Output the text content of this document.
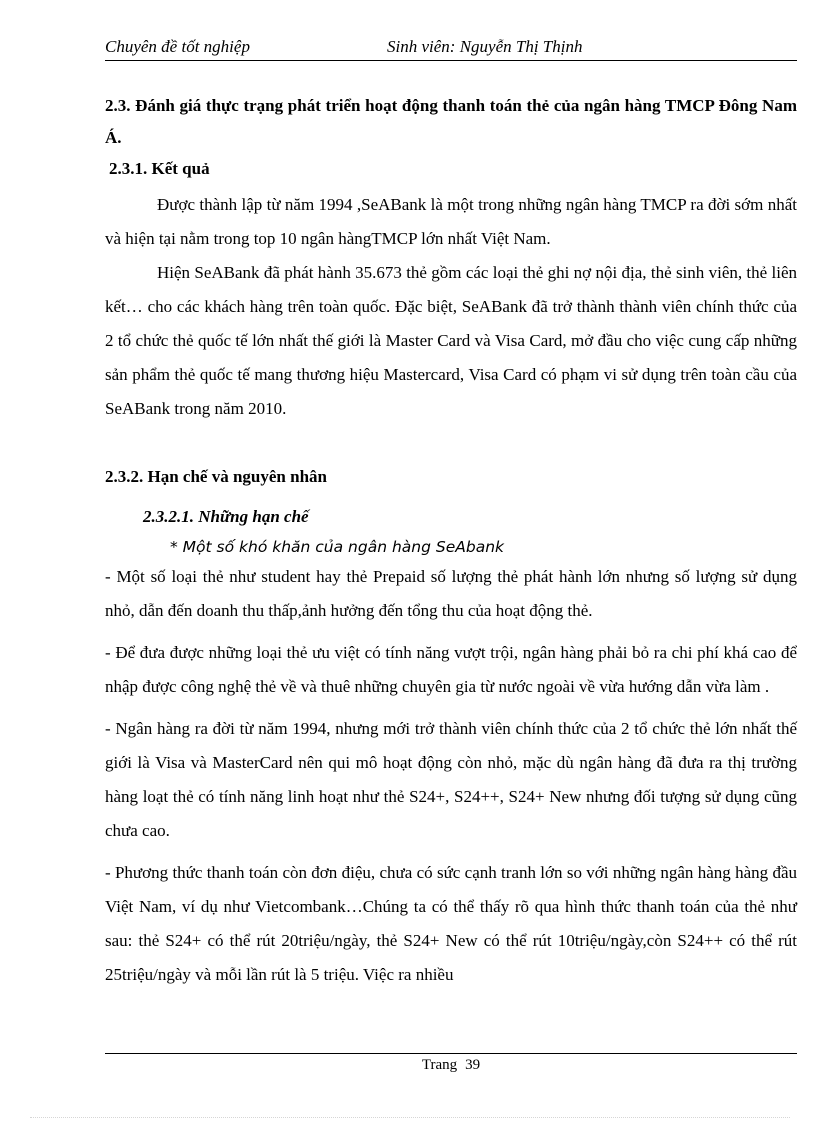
Chuyên đề tốt nghiệp	Sinh viên: Nguyễn Thị Thịnh

2.3. Đánh giá thực trạng phát triển hoạt động thanh toán thẻ của ngân hàng TMCP Đông Nam Á.

2.3.1. Kết quả

Được thành lập từ năm 1994 ,SeABank là một trong những ngân hàng TMCP ra đời sớm nhất và hiện tại nằm trong top 10 ngân hàngTMCP lớn nhất Việt Nam.

Hiện SeABank đã phát hành 35.673 thẻ gồm các loại thẻ ghi nợ nội địa, thẻ sinh viên, thẻ liên kết… cho các khách hàng trên toàn quốc. Đặc biệt, SeABank đã trở thành thành viên chính thức của 2 tổ chức thẻ quốc tế lớn nhất thế giới là Master Card và Visa Card, mở đầu cho việc cung cấp những sản phẩm thẻ quốc tế mang thương hiệu Mastercard, Visa Card có phạm vi sử dụng trên toàn cầu của SeABank trong năm 2010.

2.3.2. Hạn chế và nguyên nhân

2.3.2.1. Những hạn chế

* Một số khó khăn của ngân hàng SeAbank

- Một số loại thẻ như student hay thẻ Prepaid số lượng thẻ phát hành lớn nhưng số lượng sử dụng nhỏ, dẫn đến doanh thu thấp,ảnh hưởng đến tổng thu của hoạt động thẻ.

- Để đưa được những loại thẻ ưu việt có tính năng vượt trội, ngân hàng phải bỏ ra chi phí khá cao để nhập được công nghệ thẻ về và thuê những chuyên gia từ nước ngoài về vừa hướng dẫn vừa làm .

- Ngân hàng ra đời từ năm 1994, nhưng mới trở thành viên chính thức của 2 tổ chức thẻ lớn nhất thế giới là Visa và MasterCard nên qui mô hoạt động còn nhỏ, mặc dù ngân hàng đã đưa ra thị trường hàng loạt thẻ có tính năng linh hoạt như thẻ S24+, S24++, S24+ New nhưng đối tượng sử dụng cũng chưa cao.

- Phương thức thanh toán còn đơn điệu, chưa có sức cạnh tranh lớn so với những ngân hàng hàng đầu Việt Nam, ví dụ như Vietcombank…Chúng ta có thể thấy rõ qua hình thức thanh toán của thẻ như sau: thẻ S24+ có thể rút 20triệu/ngày, thẻ S24+ New có thể rút 10triệu/ngày,còn S24++ có thể rút 25triệu/ngày và mỗi lần rút là 5 triệu. Việc ra nhiều

Trang 39
